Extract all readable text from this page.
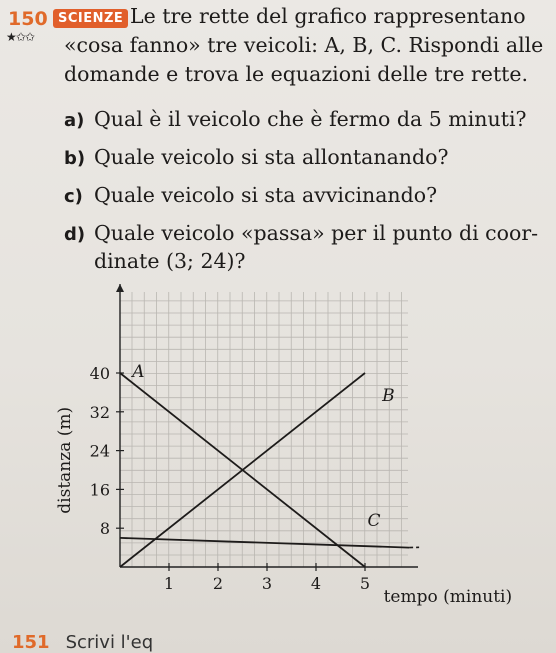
150 SCIENZE
★✩✩
Le tre rette del grafico rappresentano
«cosa fanno» tre veicoli: A, B, C. Rispondi alle
domande e trova le equazioni delle tre rette.
a) Qual è il veicolo che è fermo da 5 minuti?
b) Quale veicolo si sta allontanando?
c) Quale veicolo si sta avvicinando?
d) Quale veicolo «passa» per il punto di coor-
dinate (3; 24)?
1 2 3 4 5
8
16
24
32
40 A
B
C
tempo (minuti)
distanza (m)
151 Scrivi l'eq
